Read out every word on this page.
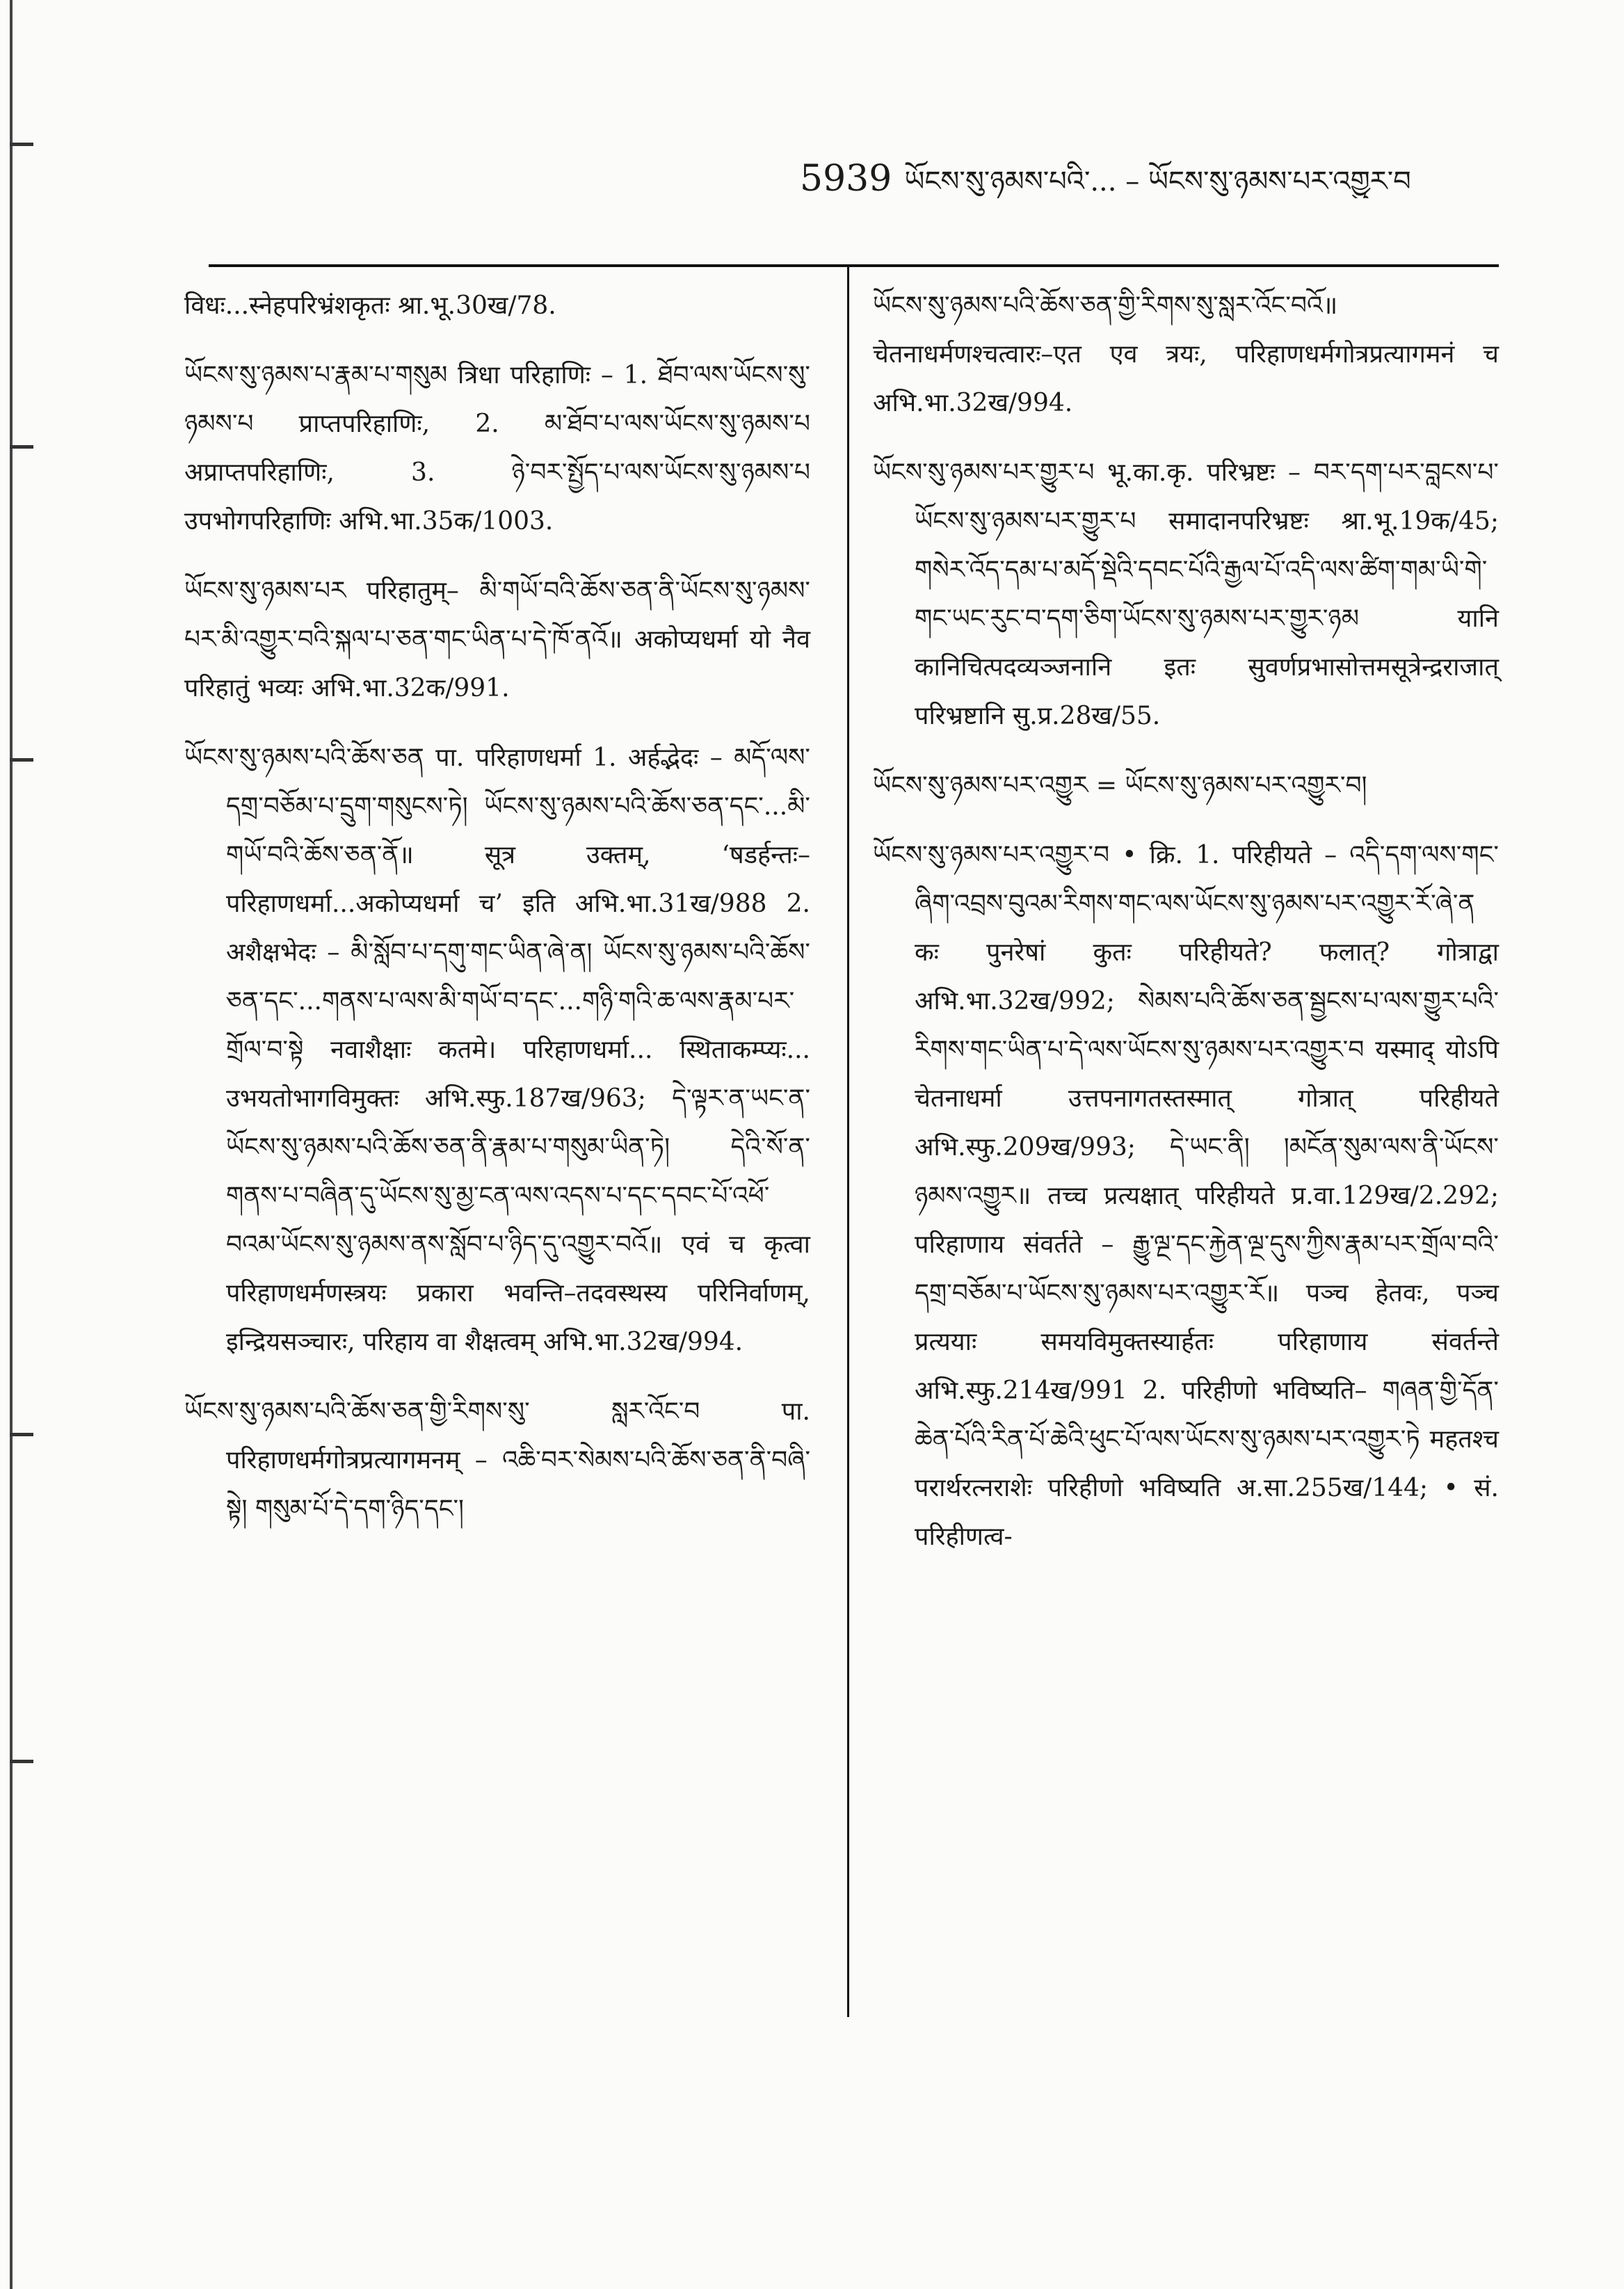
5939 ཡོངས་སུ་ཉམས་པའི་... – ཡོངས་སུ་ཉམས་པར་འགྱུར་བ

विधः...स्नेहपरिभ्रंशकृतः श्रा.भू.30ख/78.

ཡོངས་སུ་ཉམས་པ་རྣམ་པ་གསུམ त्रिधा परिहाणिः – 1. ཐོབ་ལས་ཡོངས་སུ་ཉམས་པ प्राप्तपरिहाणिः, 2. མ་ཐོབ་པ་ལས་ཡོངས་སུ་ཉམས་པ अप्राप्तपरिहाणिः, 3. ཉེ་བར་སྤྱོད་པ་ལས་ཡོངས་སུ་ཉམས་པ उपभोगपरिहाणिः अभि.भा.35क/1003.

ཡོངས་སུ་ཉམས་པར परिहातुम्– མི་གཡོ་བའི་ཆོས་ཅན་ནི་ཡོངས་སུ་ཉམས་པར་མི་འགྱུར་བའི་སྐལ་པ་ཅན་གང་ཡིན་པ་དེ་ཁོ་ནའོ॥ अकोप्यधर्मा यो नैव परिहातुं भव्यः अभि.भा.32क/991.

ཡོངས་སུ་ཉམས་པའི་ཆོས་ཅན पा. परिहाणधर्मा 1. अर्हद्भेदः – མདོ་ལས་དགྲ་བཅོམ་པ་དྲུག་གསུངས་ཏེ། ཡོངས་སུ་ཉམས་པའི་ཆོས་ཅན་དང་...མི་གཡོ་བའི་ཆོས་ཅན་ནོ॥ सूत्र उक्तम्, ‘षडर्हन्तः–परिहाणधर्मा...अकोप्यधर्मा च’ इति अभि.भा.31ख/988 2. अशैक्षभेदः – མི་སློབ་པ་དགུ་གང་ཡིན་ཞེ་ན། ཡོངས་སུ་ཉམས་པའི་ཆོས་ཅན་དང་...གནས་པ་ལས་མི་གཡོ་བ་དང་...གཉི་གའི་ཆ་ལས་རྣམ་པར་གྲོལ་བ་སྟེ नवाशैक्षाः कतमे। परिहाणधर्मा... स्थिताकम्प्यः... उभयतोभागविमुक्तः अभि.स्फु.187ख/963; དེ་ལྟར་ན་ཡང་ན་ཡོངས་སུ་ཉམས་པའི་ཆོས་ཅན་ནི་རྣམ་པ་གསུམ་ཡིན་ཏེ། དེའི་སོ་ན་གནས་པ་བཞིན་དུ་ཡོངས་སུ་མྱ་ངན་ལས་འདས་པ་དང་དབང་པོ་འཕོ་བའམ་ཡོངས་སུ་ཉམས་ནས་སློབ་པ་ཉིད་དུ་འགྱུར་བའོ॥ एवं च कृत्वा परिहाणधर्मणस्त्रयः प्रकारा भवन्ति–तदवस्थस्य परिनिर्वाणम्, इन्द्रियसञ्चारः, परिहाय वा शैक्षत्वम् अभि.भा.32ख/994.

ཡོངས་སུ་ཉམས་པའི་ཆོས་ཅན་གྱི་རིགས་སུ་ སླར་འོང་བ पा. परिहाणधर्मगोत्रप्रत्यागमनम् – འཆི་བར་སེམས་པའི་ཆོས་ཅན་ནི་བཞི་སྟེ། གསུམ་པོ་དེ་དག་ཉིད་དང་།

ཡོངས་སུ་ཉམས་པའི་ཆོས་ཅན་གྱི་རིགས་སུ་སླར་འོང་བའོ॥ चेतनाधर्मणश्चत्वारः–एत एव त्रयः, परिहाणधर्मगोत्रप्रत्यागमनं च अभि.भा.32ख/994.

ཡོངས་སུ་ཉམས་པར་གྱུར་པ भू.का.कृ. परिभ्रष्टः – བར་དག་པར་བླངས་པ་ཡོངས་སུ་ཉམས་པར་གྱུར་པ समादानपरिभ्रष्टः श्रा.भू.19क/45; གསེར་འོད་དམ་པ་མདོ་སྡེའི་དབང་པོའི་རྒྱལ་པོ་འདི་ལས་ཚིག་གམ་ཡི་གེ་གང་ཡང་རུང་བ་དག་ཅིག་ཡོངས་སུ་ཉམས་པར་གྱུར་ཉམ यानि कानिचित्पदव्यञ्जनानि इतः सुवर्णप्रभासोत्तमसूत्रेन्द्रराजात् परिभ्रष्टानि सु.प्र.28ख/55.

ཡོངས་སུ་ཉམས་པར་འགྱུར = ཡོངས་སུ་ཉམས་པར་འགྱུར་བ།

ཡོངས་སུ་ཉམས་པར་འགྱུར་བ • क्रि. 1. परिहीयते – འདི་དག་ལས་གང་ཞིག་འབྲས་བུའམ་རིགས་གང་ལས་ཡོངས་སུ་ཉམས་པར་འགྱུར་རོ་ཞེ་ན कः पुनरेषां कुतः परिहीयते? फलात्? गोत्राद्वा अभि.भा.32ख/992; སེམས་པའི་ཆོས་ཅན་སྦྱངས་པ་ལས་གྱུར་པའི་རིགས་གང་ཡིན་པ་དེ་ལས་ཡོངས་སུ་ཉམས་པར་འགྱུར་བ यस्माद् योऽपि चेतनाधर्मा उत्तपनागतस्तस्मात् गोत्रात् परिहीयते अभि.स्फु.209ख/993; དེ་ཡང་ནི། །མངོན་སུམ་ལས་ནི་ཡོངས་ཉམས་འགྱུར॥ तच्च प्रत्यक्षात् परिहीयते प्र.वा.129ख/2.292; परिहाणाय संवर्तते – རྒྱུ་ལྔ་དང་རྐྱེན་ལྔ་དུས་ཀྱིས་རྣམ་པར་གྲོལ་བའི་དགྲ་བཅོམ་པ་ཡོངས་སུ་ཉམས་པར་འགྱུར་རོ॥ पञ्च हेतवः, पञ्च प्रत्ययाः समयविमुक्तस्यार्हतः परिहाणाय संवर्तन्ते अभि.स्फु.214ख/991 2. परिहीणो भविष्यति– གཞན་གྱི་དོན་ཆེན་པོའི་རིན་པོ་ཆེའི་ཕུང་པོ་ལས་ཡོངས་སུ་ཉམས་པར་འགྱུར་ཏེ महतश्च परार्थरत्नराशेः परिहीणो भविष्यति अ.सा.255ख/144; • सं. परिहीणत्व-
